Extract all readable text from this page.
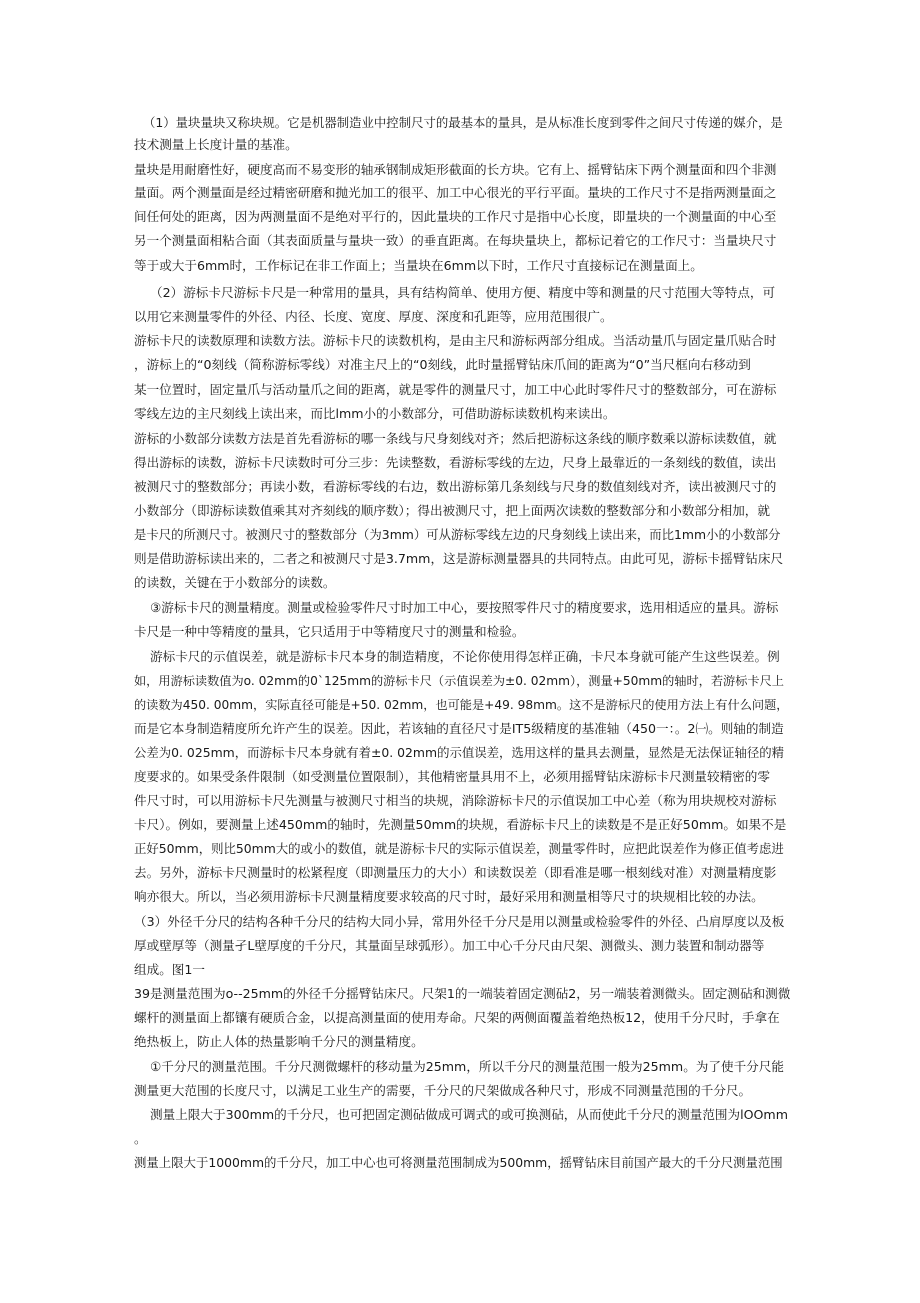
（1）量块量块又称块规。它是机器制造业中控制尺寸的最基本的量具，是从标准长度到零件之间尺寸传递的媒介，是

技术测量上长度计量的基准。

量块是用耐磨性好，硬度高而不易变形的轴承钢制成矩形截面的长方块。它有上、摇臂钻床下两个测量面和四个非测

量面。两个测量面是经过精密研磨和抛光加工的很平、加工中心很光的平行平面。量块的工作尺寸不是指两测量面之

间任何处的距离，因为两测量面不是绝对平行的，因此量块的工作尺寸是指中心长度，即量块的一个测量面的中心至

另一个测量面相粘合面（其表面质量与量块一致）的垂直距离。在每块量块上，都标记着它的工作尺寸：当量块尺寸

等于或大于6mm时，工作标记在非工作面上；当量块在6mm以下时，工作尺寸直接标记在测量面上。

（2）游标卡尺游标卡尺是一种常用的量具，具有结构简单、使用方便、精度中等和测量的尺寸范围大等特点，可

以用它来测量零件的外径、内径、长度、宽度、厚度、深度和孔距等，应用范围很广。

游标卡尺的读数原理和读数方法。游标卡尺的读数机构，是由主尺和游标两部分组成。当活动量爪与固定量爪贴合时

，游标上的“0刻线（简称游标零线）对准主尺上的“0刻线，此时量摇臂钻床爪间的距离为“0”当尺框向右移动到

某一位置时，固定量爪与活动量爪之间的距离，就是零件的测量尺寸，加工中心此时零件尺寸的整数部分，可在游标

零线左边的主尺刻线上读出来，而比lmm小的小数部分，可借助游标读数机构来读出。

游标的小数部分读数方法是首先看游标的哪一条线与尺身刻线对齐；然后把游标这条线的顺序数乘以游标读数值，就

得出游标的读数，游标卡尺读数时可分三步：先读整数，看游标零线的左边，尺身上最靠近的一条刻线的数值，读出

被测尺寸的整数部分；再读小数，看游标零线的右边，数出游标第几条刻线与尺身的数值刻线对齐，读出被测尺寸的

小数部分（即游标读数值乘其对齐刻线的顺序数）；得出被测尺寸，把上面两次读数的整数部分和小数部分相加，就

是卡尺的所测尺寸。被测尺寸的整数部分（为3mm）可从游标零线左边的尺身刻线上读出来，而比1mm小的小数部分

则是借助游标读出来的，二者之和被测尺寸是3.7mm，这是游标测量器具的共同特点。由此可见，游标卡摇臂钻床尺

的读数，关键在于小数部分的读数。

③游标卡尺的测量精度。测量或检验零件尺寸时加工中心，要按照零件尺寸的精度要求，选用相适应的量具。游标

卡尺是一种中等精度的量具，它只适用于中等精度尺寸的测量和检验。

游标卡尺的示值误差，就是游标卡尺本身的制造精度，不论你使用得怎样正确，卡尺本身就可能产生这些误差。例

如，用游标读数值为o. 02mm的0`125mm的游标卡尺（示值误差为±0. 02mm），测量+50mm的轴时，若游标卡尺上

的读数为450. 00mm，实际直径可能是+50. 02mm，也可能是+49. 98mm。这不是游标尺的使用方法上有什么问题，

而是它本身制造精度所允许产生的误差。因此，若该轴的直径尺寸是IT5级精度的基准轴（450一：。2㈠。则轴的制造

公差为0. 025mm，而游标卡尺本身就有着±0. 02mm的示值误差，选用这样的量具去测量，显然是无法保证轴径的精

度要求的。如果受条件限制（如受测量位置限制），其他精密量具用不上，必须用摇臂钻床游标卡尺测量较精密的零

件尺寸时，可以用游标卡尺先测量与被测尺寸相当的块规，消除游标卡尺的示值误加工中心差（称为用块规校对游标

卡尺）。例如，要测量上述450mm的轴时，先测量50mm的块规，看游标卡尺上的读数是不是正好50mm。如果不是

正好50mm，则比50mm大的或小的数值，就是游标卡尺的实际示值误差，测量零件时，应把此误差作为修正值考虑进

去。另外，游标卡尺测量时的松紧程度（即测量压力的大小）和读数误差（即看准是哪一根刻线对准）对测量精度影

响亦很大。所以，当必须用游标卡尺测量精度要求较高的尺寸时，最好采用和测量相等尺寸的块规相比较的办法。

（3）外径千分尺的结构各种千分尺的结构大同小异，常用外径千分尺是用以测量或检验零件的外径、凸肩厚度以及板

厚或壁厚等（测量孑L壁厚度的千分尺，其量面呈球弧形）。加工中心千分尺由尺架、测微头、测力装置和制动器等

组成。图1一

39是测量范围为o--25mm的外径千分摇臂钻床尺。尺架1的一端装着固定测砧2，另一端装着测微头。固定测砧和测微

螺杆的测量面上都镶有硬质合金，以提高测量面的使用寿命。尺架的两侧面覆盖着绝热板12，使用千分尺时，手拿在

绝热板上，防止人体的热量影响千分尺的测量精度。

①千分尺的测量范围。千分尺测微螺杆的移动量为25mm，所以千分尺的测量范围一般为25mm。为了使千分尺能

测量更大范围的长度尺寸，以满足工业生产的需要，千分尺的尺架做成各种尺寸，形成不同测量范围的千分尺。

测量上限大于300mm的千分尺，也可把固定测砧做成可调式的或可换测砧，从而使此千分尺的测量范围为lOOmm

。

测量上限大于1000mm的千分尺，加工中心也可将测量范围制成为500mm，摇臂钻床目前国产最大的千分尺测量范围
